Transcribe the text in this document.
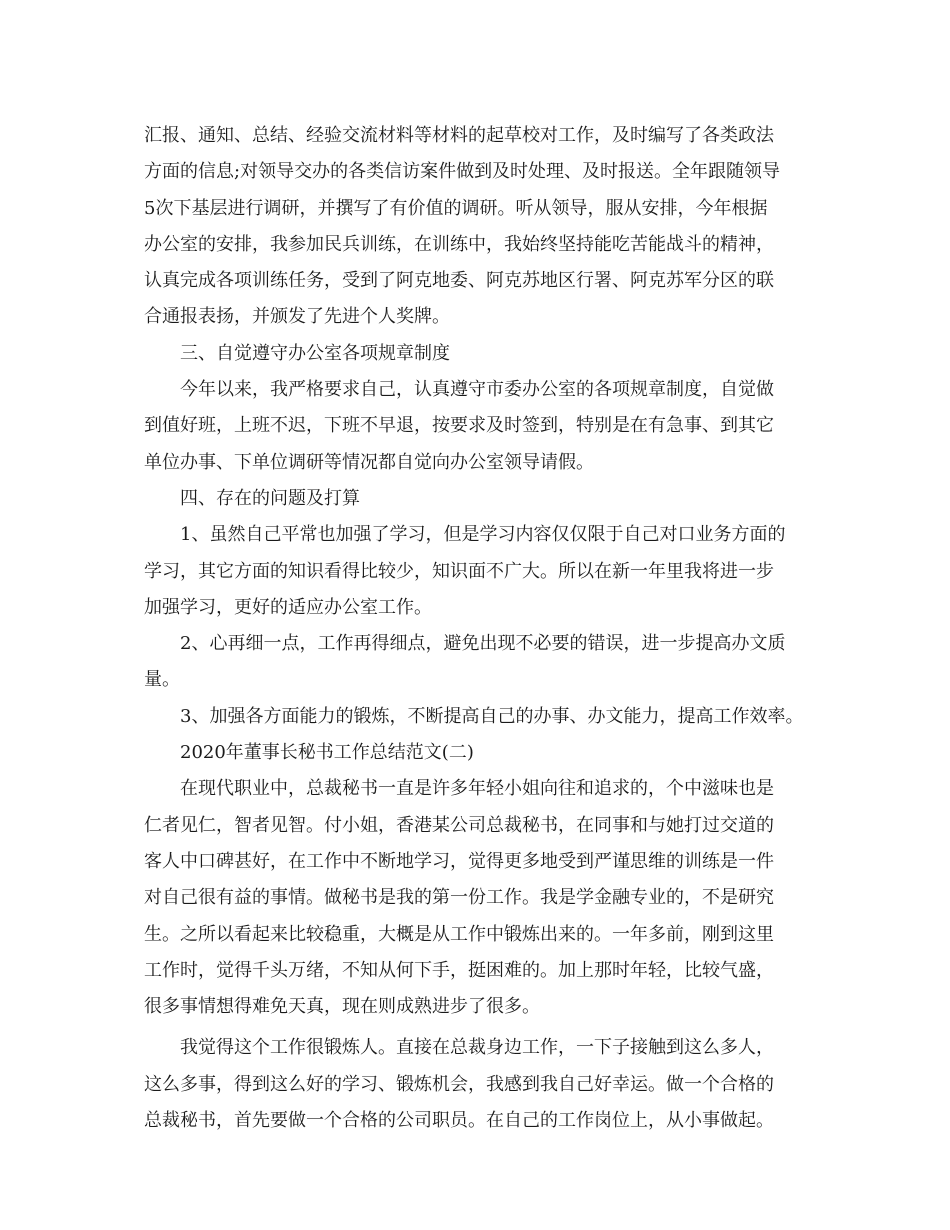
汇报、通知、总结、经验交流材料等材料的起草校对工作，及时编写了各类政法
方面的信息;对领导交办的各类信访案件做到及时处理、及时报送。全年跟随领导
5次下基层进行调研，并撰写了有价值的调研。听从领导，服从安排，今年根据
办公室的安排，我参加民兵训练，在训练中，我始终坚持能吃苦能战斗的精神，
认真完成各项训练任务，受到了阿克地委、阿克苏地区行署、阿克苏军分区的联
合通报表扬，并颁发了先进个人奖牌。
三、自觉遵守办公室各项规章制度
今年以来，我严格要求自己，认真遵守市委办公室的各项规章制度，自觉做
到值好班，上班不迟，下班不早退，按要求及时签到，特别是在有急事、到其它
单位办事、下单位调研等情况都自觉向办公室领导请假。
四、存在的问题及打算
1、虽然自己平常也加强了学习，但是学习内容仅仅限于自己对口业务方面的
学习，其它方面的知识看得比较少，知识面不广大。所以在新一年里我将进一步
加强学习，更好的适应办公室工作。
2、心再细一点，工作再得细点，避免出现不必要的错误，进一步提高办文质
量。
3、加强各方面能力的锻炼，不断提高自己的办事、办文能力，提高工作效率。
2020年董事长秘书工作总结范文(二)
在现代职业中，总裁秘书一直是许多年轻小姐向往和追求的，个中滋味也是
仁者见仁，智者见智。付小姐，香港某公司总裁秘书，在同事和与她打过交道的
客人中口碑甚好，在工作中不断地学习，觉得更多地受到严谨思维的训练是一件
对自己很有益的事情。做秘书是我的第一份工作。我是学金融专业的，不是研究
生。之所以看起来比较稳重，大概是从工作中锻炼出来的。一年多前，刚到这里
工作时，觉得千头万绪，不知从何下手，挺困难的。加上那时年轻，比较气盛，
很多事情想得难免天真，现在则成熟进步了很多。
我觉得这个工作很锻炼人。直接在总裁身边工作，一下子接触到这么多人，
这么多事，得到这么好的学习、锻炼机会，我感到我自己好幸运。做一个合格的
总裁秘书，首先要做一个合格的公司职员。在自己的工作岗位上，从小事做起。
